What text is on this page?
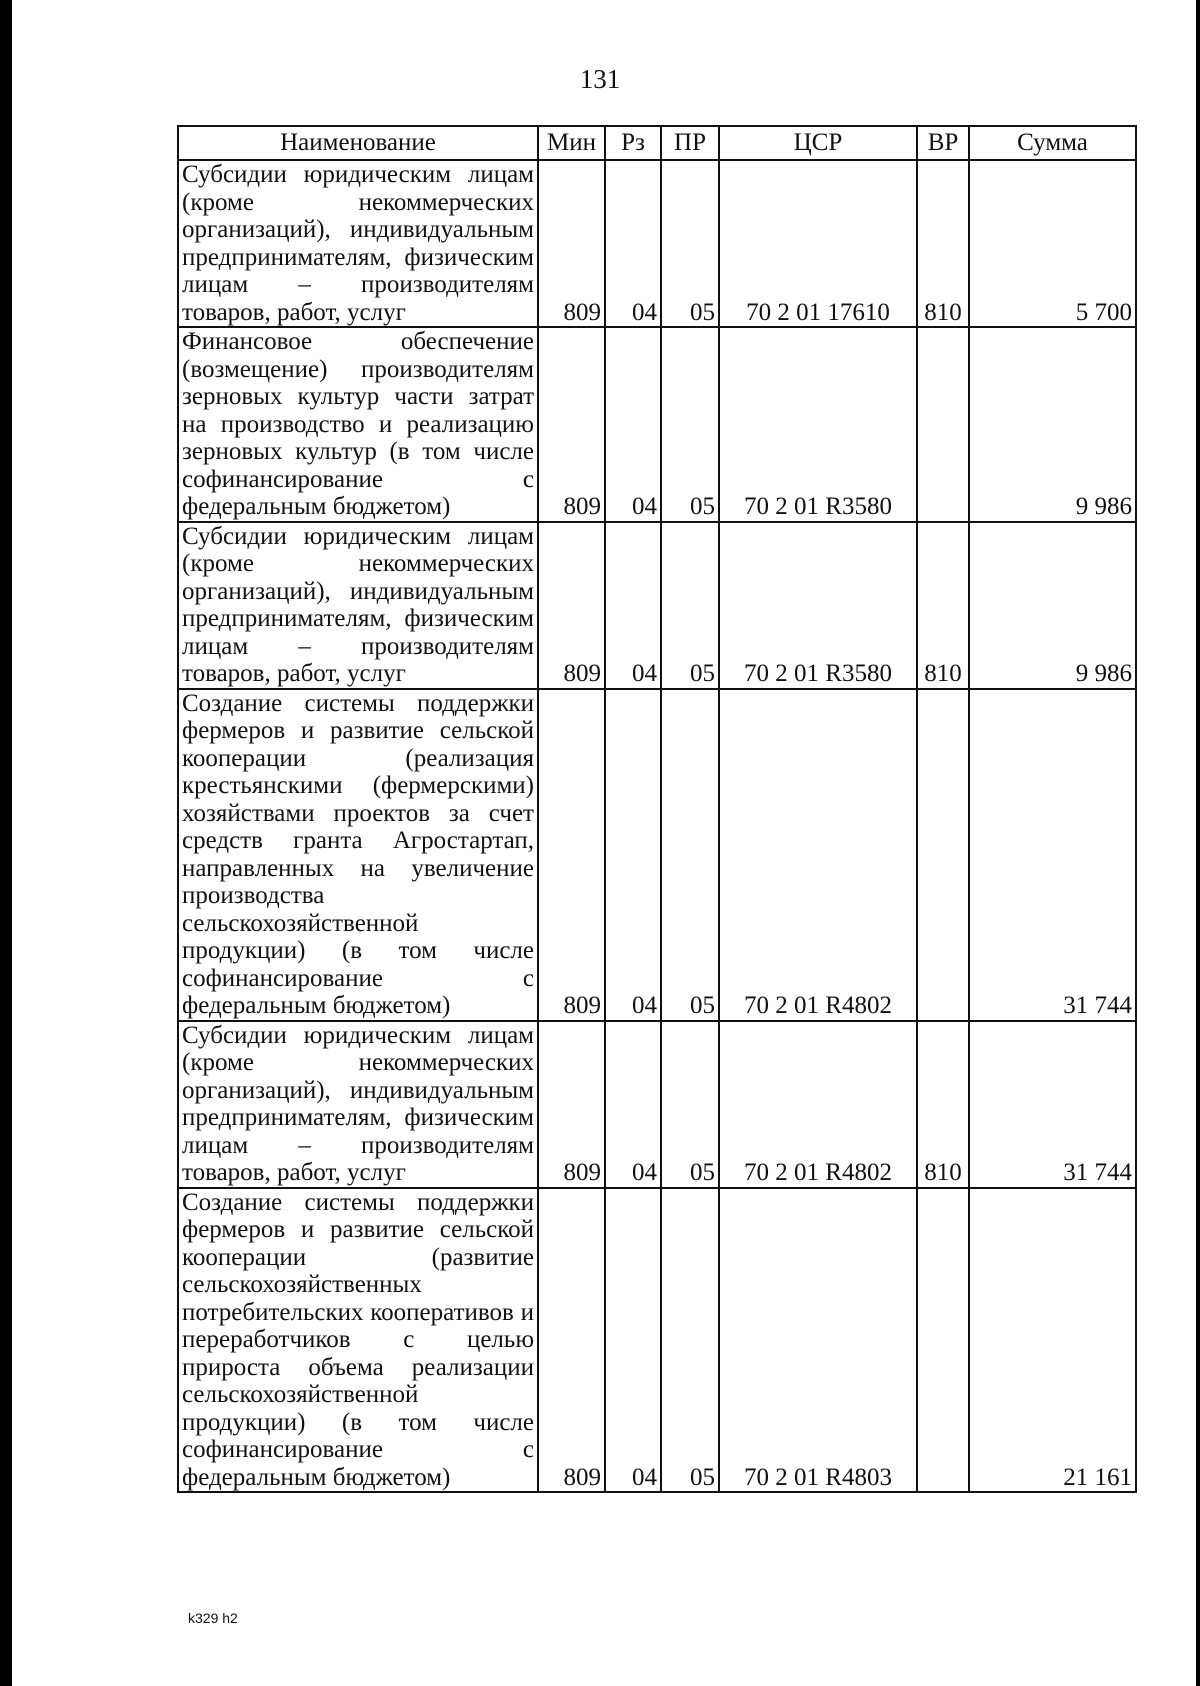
131
Наименование	Мин	Рз	ПР	ЦСР	ВР	Сумма
Субсидии юридическим лицам (кроме некоммерческих организаций), индивидуальным предпринимателям, физическим лицам – производителям товаров, работ, услуг	809	04	05	70 2 01 17610	810	5 700
Финансовое обеспечение (возмещение) производителям зерновых культур части затрат на производство и реализацию зерновых культур (в том числе софинансирование с федеральным бюджетом)	809	04	05	70 2 01 R3580		9 986
Субсидии юридическим лицам (кроме некоммерческих организаций), индивидуальным предпринимателям, физическим лицам – производителям товаров, работ, услуг	809	04	05	70 2 01 R3580	810	9 986
Создание системы поддержки фермеров и развитие сельской кооперации (реализация крестьянскими (фермерскими) хозяйствами проектов за счет средств гранта Агростартап, направленных на увеличение производства сельскохозяйственной продукции) (в том числе софинансирование с федеральным бюджетом)	809	04	05	70 2 01 R4802		31 744
Субсидии юридическим лицам (кроме некоммерческих организаций), индивидуальным предпринимателям, физическим лицам – производителям товаров, работ, услуг	809	04	05	70 2 01 R4802	810	31 744
Создание системы поддержки фермеров и развитие сельской кооперации (развитие сельскохозяйственных потребительских кооперативов и переработчиков с целью прироста объема реализации сельскохозяйственной продукции) (в том числе софинансирование с федеральным бюджетом)	809	04	05	70 2 01 R4803		21 161
k329 h2
